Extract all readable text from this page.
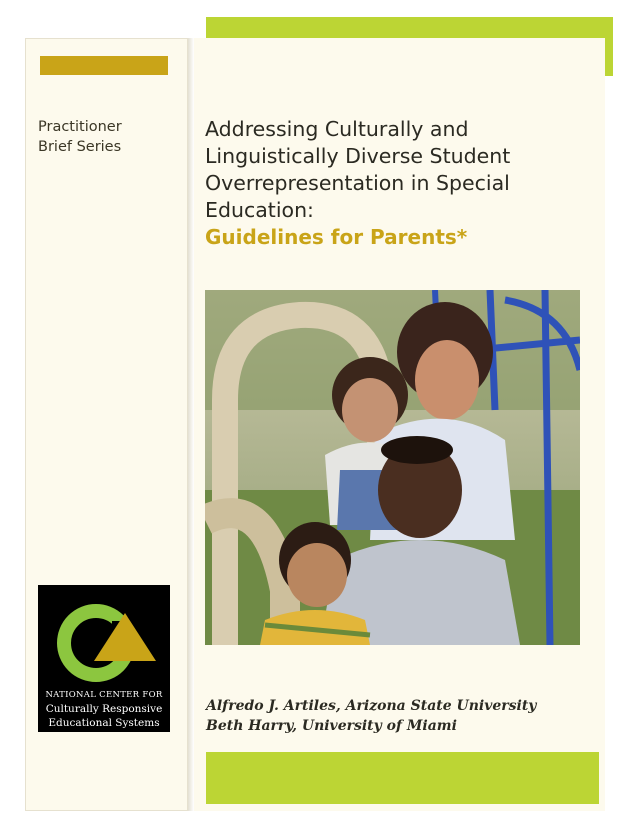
Practitioner
Brief Series
Addressing Culturally and
Linguistically Diverse Student
Overrepresentation in Special
Education:
Guidelines for Parents*
Alfredo J. Artiles, Arizona State University
Beth Harry, University of Miami
NATIONAL CENTER FOR
Culturally Responsive
Educational Systems
